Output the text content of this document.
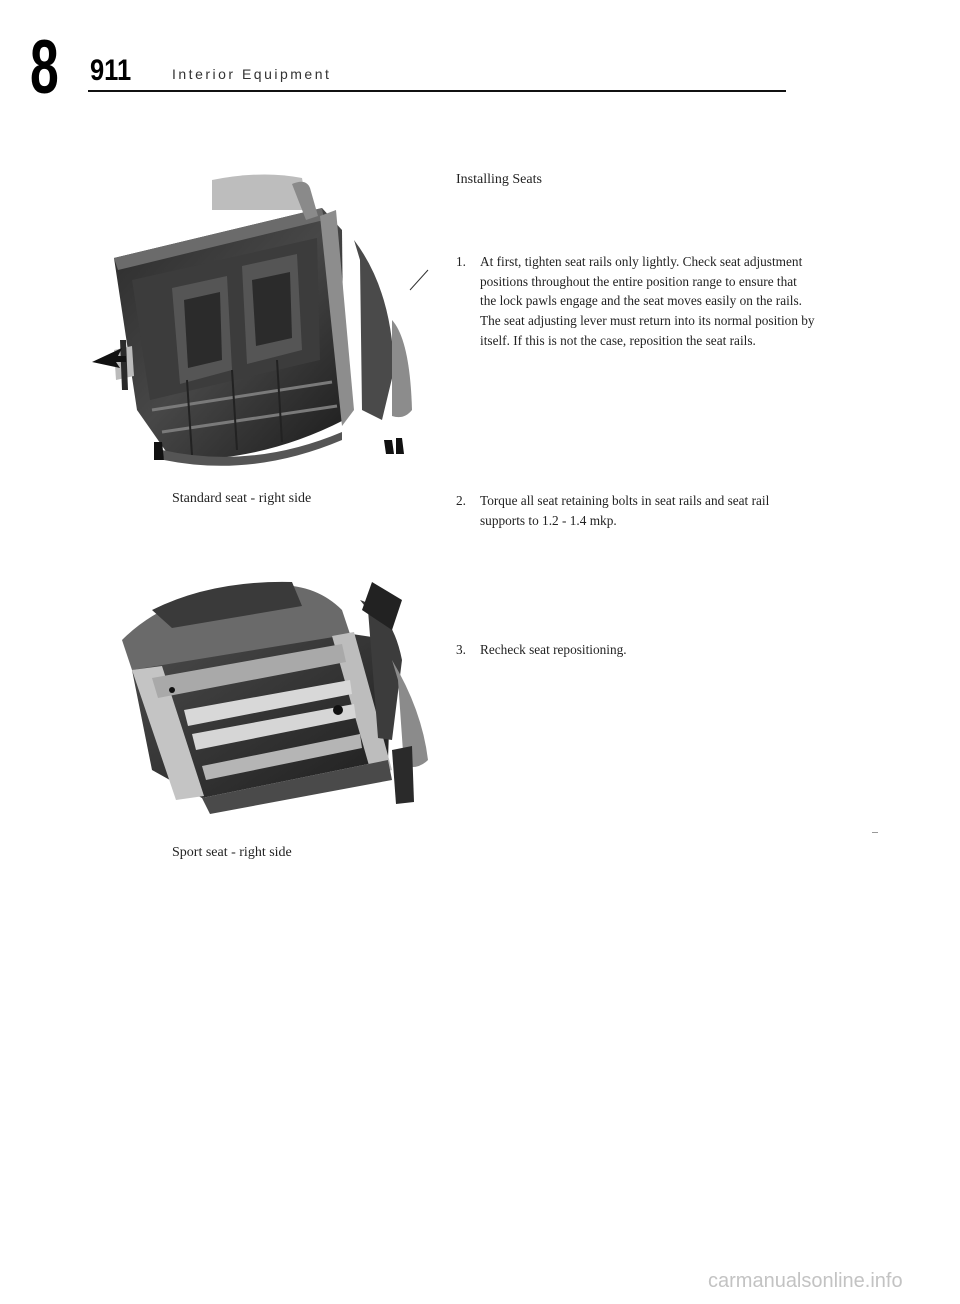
8 911	Interior Equipment
Standard seat - right side
Sport seat - right side
Installing Seats
1. At first, tighten seat rails only lightly. Check seat adjustment positions throughout the entire position range to ensure that the lock pawls engage and the seat moves easily on the rails. The seat adjusting lever must return into its normal position by itself. If this is not the case, reposition the seat rails.
2. Torque all seat retaining bolts in seat rails and seat rail supports to 1.2 - 1.4 mkp.
3. Recheck seat repositioning.
carmanualsonline.info
